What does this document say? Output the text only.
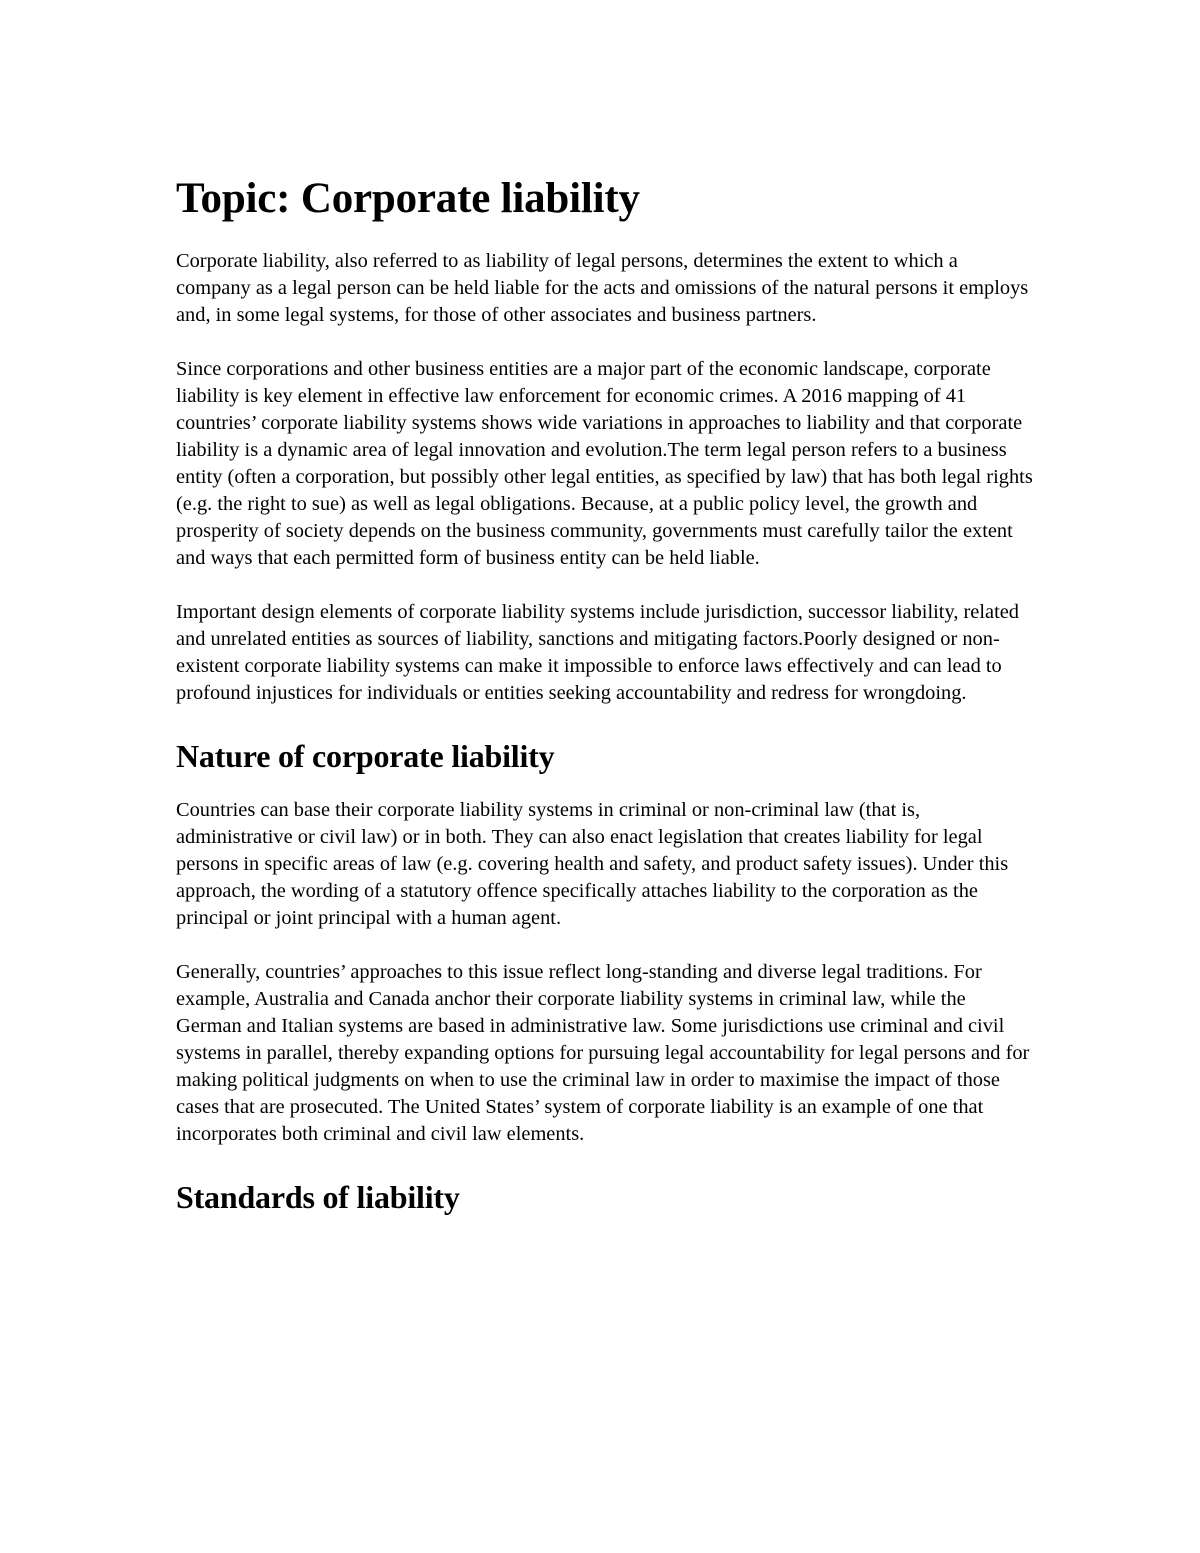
Topic: Corporate liability

Corporate liability, also referred to as liability of legal persons, determines the extent to which a company as a legal person can be held liable for the acts and omissions of the natural persons it employs and, in some legal systems, for those of other associates and business partners.

Since corporations and other business entities are a major part of the economic landscape, corporate liability is key element in effective law enforcement for economic crimes. A 2016 mapping of 41 countries’ corporate liability systems shows wide variations in approaches to liability and that corporate liability is a dynamic area of legal innovation and evolution.The term legal person refers to a business entity (often a corporation, but possibly other legal entities, as specified by law) that has both legal rights (e.g. the right to sue) as well as legal obligations. Because, at a public policy level, the growth and prosperity of society depends on the business community, governments must carefully tailor the extent and ways that each permitted form of business entity can be held liable.

Important design elements of corporate liability systems include jurisdiction, successor liability, related and unrelated entities as sources of liability, sanctions and mitigating factors.Poorly designed or non-existent corporate liability systems can make it impossible to enforce laws effectively and can lead to profound injustices for individuals or entities seeking accountability and redress for wrongdoing.

Nature of corporate liability

Countries can base their corporate liability systems in criminal or non-criminal law (that is, administrative or civil law) or in both. They can also enact legislation that creates liability for legal persons in specific areas of law (e.g. covering health and safety, and product safety issues). Under this approach, the wording of a statutory offence specifically attaches liability to the corporation as the principal or joint principal with a human agent.

Generally, countries’ approaches to this issue reflect long-standing and diverse legal traditions. For example, Australia and Canada anchor their corporate liability systems in criminal law, while the German and Italian systems are based in administrative law. Some jurisdictions use criminal and civil systems in parallel, thereby expanding options for pursuing legal accountability for legal persons and for making political judgments on when to use the criminal law in order to maximise the impact of those cases that are prosecuted. The United States’ system of corporate liability is an example of one that incorporates both criminal and civil law elements.

Standards of liability
